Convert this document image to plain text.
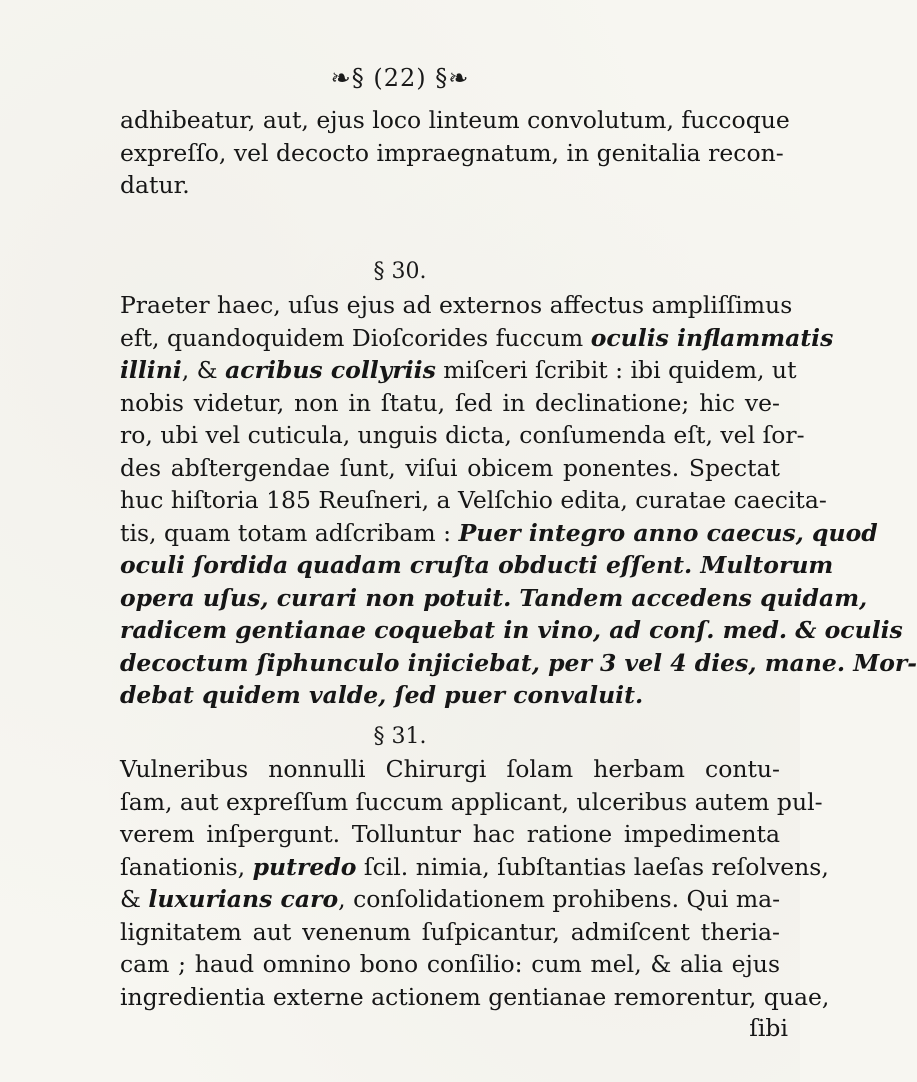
❧§ (22) §❧

adhibeatur, aut, ejus loco linteum convolutum, fuccoque
expreſſo, vel decocto impraegnatum, in genitalia recon-
datur.

§ 30.

Praeter haec, uſus ejus ad externos affectus ampliſſimus
eft, quandoquidem Dioſcorides fuccum oculis inflammatis
illini, & acribus collyriis miſceri ſcribit : ibi quidem, ut
nobis videtur, non in ſtatu, ſed in declinatione; hic ve-
ro, ubi vel cuticula, unguis dicta, conſumenda eſt, vel ſor-
des abſtergendae ſunt, viſui obicem ponentes. Spectat
huc hiſtoria 185 Reuſneri, a Velſchio edita, curatae caecita-
tis, quam totam adſcribam : Puer integro anno caecus, quod
oculi ſordida quadam cruſta obducti eſſent. Multorum
opera uſus, curari non potuit. Tandem accedens quidam,
radicem gentianae coquebat in vino, ad conſ. med. & oculis
decoctum ſiphunculo injiciebat, per 3 vel 4 dies, mane. Mor-
debat quidem valde, ſed puer convaluit.

§ 31.

Vulneribus nonnulli Chirurgi ſolam herbam contu-
ſam, aut expreſſum ſuccum applicant, ulceribus autem pul-
verem inſpergunt. Tolluntur hac ratione impedimenta
ſanationis, putredo ſcil. nimia, ſubſtantias laeſas reſolvens,
& luxurians caro, conſolidationem prohibens. Qui ma-
lignitatem aut venenum ſuſpicantur, admiſcent theria-
cam ; haud omnino bono conſilio: cum mel, & alia ejus
ingredientia externe actionem gentianae remorentur, quae,

ſibi
